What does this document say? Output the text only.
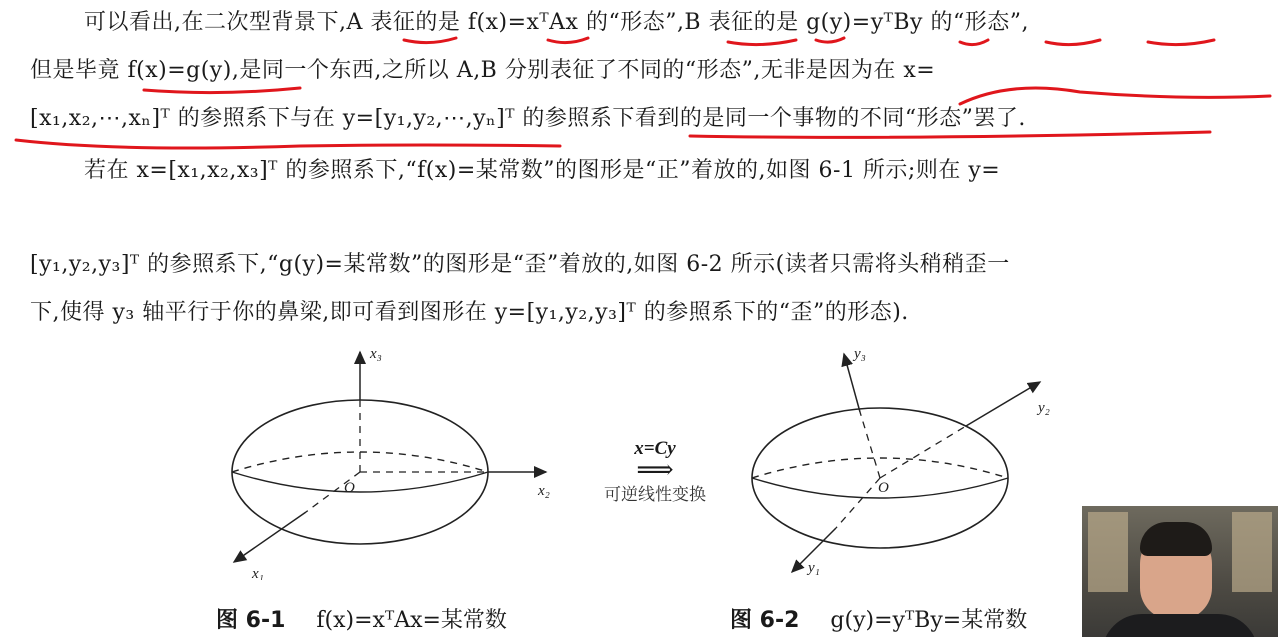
可以看出,在二次型背景下,A 表征的是 f(x)=xᵀAx 的“形态”,B 表征的是 g(y)=yᵀBy 的“形态”,
但是毕竟 f(x)=g(y),是同一个东西,之所以 A,B 分别表征了不同的“形态”,无非是因为在 x=
[x₁,x₂,⋯,xₙ]ᵀ 的参照系下与在 y=[y₁,y₂,⋯,yₙ]ᵀ 的参照系下看到的是同一个事物的不同“形态”罢了.
若在 x=[x₁,x₂,x₃]ᵀ 的参照系下,“f(x)=某常数”的图形是“正”着放的,如图 6-1 所示;则在 y=
[y₁,y₂,y₃]ᵀ 的参照系下,“g(y)=某常数”的图形是“歪”着放的,如图 6-2 所示(读者只需将头稍稍歪一
下,使得 y₃ 轴平行于你的鼻梁,即可看到图形在 y=[y₁,y₂,y₃]ᵀ 的参照系下的“歪”的形态).
x₃
x₂
x₁
O
x=Cy
⟹
可逆线性变换
y₃
y₂
y₁
O
图 6-1 f(x)=xᵀAx=某常数	图 6-2 g(y)=yᵀBy=某常数
